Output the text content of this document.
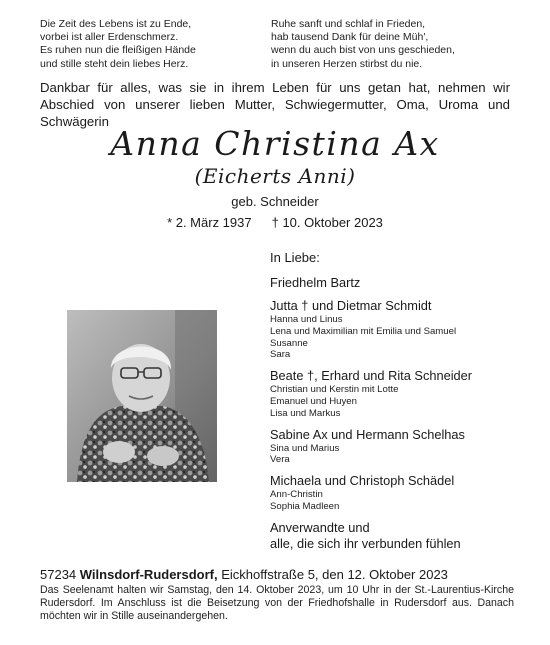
Die Zeit des Lebens ist zu Ende,
vorbei ist aller Erdenschmerz.
Es ruhen nun die fleißigen Hände
und stille steht dein liebes Herz.
Ruhe sanft und schlaf in Frieden,
hab tausend Dank für deine Müh',
wenn du auch bist von uns geschieden,
in unseren Herzen stirbst du nie.
Dankbar für alles, was sie in ihrem Leben für uns getan hat, nehmen wir Abschied von unserer lieben Mutter, Schwiegermutter, Oma, Uroma und Schwägerin
Anna Christina Ax
(Eicherts Anni)
geb. Schneider
* 2. März 1937 † 10. Oktober 2023
In Liebe:
Friedhelm Bartz
Jutta † und Dietmar Schmidt
Hanna und Linus
Lena und Maximilian mit Emilia und Samuel
Susanne
Sara
Beate †, Erhard und Rita Schneider
Christian und Kerstin mit Lotte
Emanuel und Huyen
Lisa und Markus
Sabine Ax und Hermann Schelhas
Sina und Marius
Vera
Michaela und Christoph Schädel
Ann-Christin
Sophia Madleen
Anverwandte und
alle, die sich ihr verbunden fühlen
57234 Wilnsdorf-Rudersdorf, Eickhoffstraße 5, den 12. Oktober 2023
Das Seelenamt halten wir Samstag, den 14. Oktober 2023, um 10 Uhr in der St.-Laurentius-Kirche Rudersdorf. Im Anschluss ist die Beisetzung von der Friedhofshalle in Rudersdorf aus. Danach möchten wir in Stille auseinandergehen.
